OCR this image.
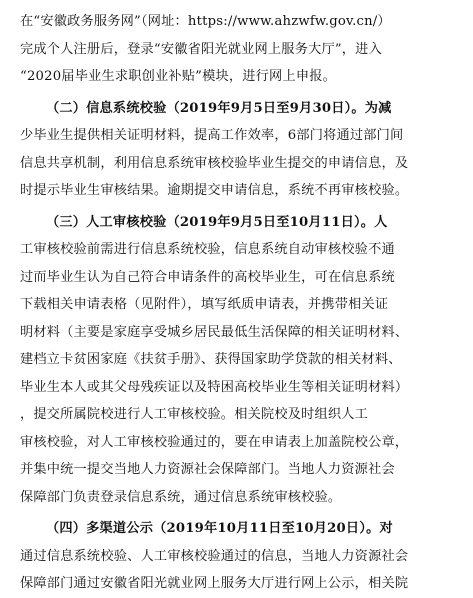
在“安徽政务服务网”（网址：https://www.ahzwfw.gov.cn/）
完成个人注册后，登录“安徽省阳光就业网上服务大厅”，进入
“2020届毕业生求职创业补贴”模块，进行网上申报。
（二）信息系统校验（2019年9月5日至9月30日）。为减
少毕业生提供相关证明材料，提高工作效率，6部门将通过部门间
信息共享机制，利用信息系统审核校验毕业生提交的申请信息，及
时提示毕业生审核结果。逾期提交申请信息，系统不再审核校验。
（三）人工审核校验（2019年9月5日至10月11日）。人
工审核校验前需进行信息系统校验，信息系统自动审核校验不通
过而毕业生认为自己符合申请条件的高校毕业生，可在信息系统
下载相关申请表格（见附件），填写纸质申请表，并携带相关证
明材料（主要是家庭享受城乡居民最低生活保障的相关证明材料、
建档立卡贫困家庭《扶贫手册》、获得国家助学贷款的相关材料、
毕业生本人或其父母残疾证以及特困高校毕业生等相关证明材料）
，提交所属院校进行人工审核校验。相关院校及时组织人工
审核校验，对人工审核校验通过的，要在申请表上加盖院校公章，
并集中统一提交当地人力资源社会保障部门。当地人力资源社会
保障部门负责登录信息系统，通过信息系统审核校验。
（四）多渠道公示（2019年10月11日至10月20日）。对
通过信息系统校验、人工审核校验通过的信息，当地人力资源社会
保障部门通过安徽省阳光就业网上服务大厅进行网上公示，相关院
